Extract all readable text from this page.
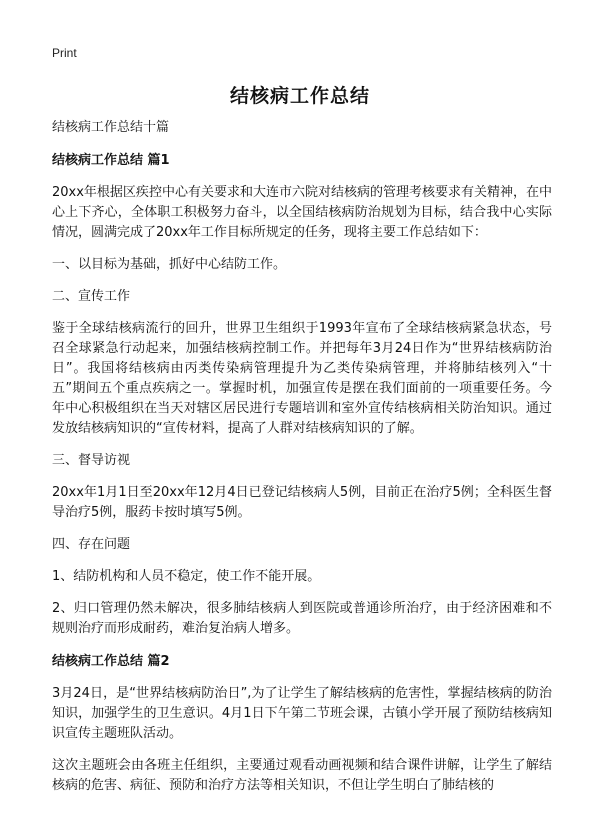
Print
结核病工作总结

结核病工作总结十篇

结核病工作总结 篇1

20xx年根据区疾控中心有关要求和大连市六院对结核病的管理考核要求有关精神，在中心上下齐心，全体职工积极努力奋斗，以全国结核病防治规划为目标，结合我中心实际情况，圆满完成了20xx年工作目标所规定的任务，现将主要工作总结如下：

一、以目标为基础，抓好中心结防工作。

二、宣传工作

鉴于全球结核病流行的回升，世界卫生组织于1993年宣布了全球结核病紧急状态，号召全球紧急行动起来，加强结核病控制工作。并把每年3月24日作为“世界结核病防治日”。我国将结核病由丙类传染病管理提升为乙类传染病管理，并将肺结核列入“十五”期间五个重点疾病之一。掌握时机，加强宣传是摆在我们面前的一项重要任务。今年中心积极组织在当天对辖区居民进行专题培训和室外宣传结核病相关防治知识。通过发放结核病知识的“宣传材料，提高了人群对结核病知识的了解。

三、督导访视

20xx年1月1日至20xx年12月4日已登记结核病人5例，目前正在治疗5例；全科医生督导治疗5例，服药卡按时填写5例。

四、存在问题

1、结防机构和人员不稳定，使工作不能开展。

2、归口管理仍然未解决，很多肺结核病人到医院或普通诊所治疗，由于经济困难和不规则治疗而形成耐药，难治复治病人增多。

结核病工作总结 篇2

3月24日，是“世界结核病防治日”,为了让学生了解结核病的危害性，掌握结核病的防治知识，加强学生的卫生意识。4月1日下午第二节班会课，古镇小学开展了预防结核病知识宣传主题班队活动。

这次主题班会由各班主任组织，主要通过观看动画视频和结合课件讲解，让学生了解结核病的危害、病征、预防和治疗方法等相关知识，不但让学生明白了肺结核的
